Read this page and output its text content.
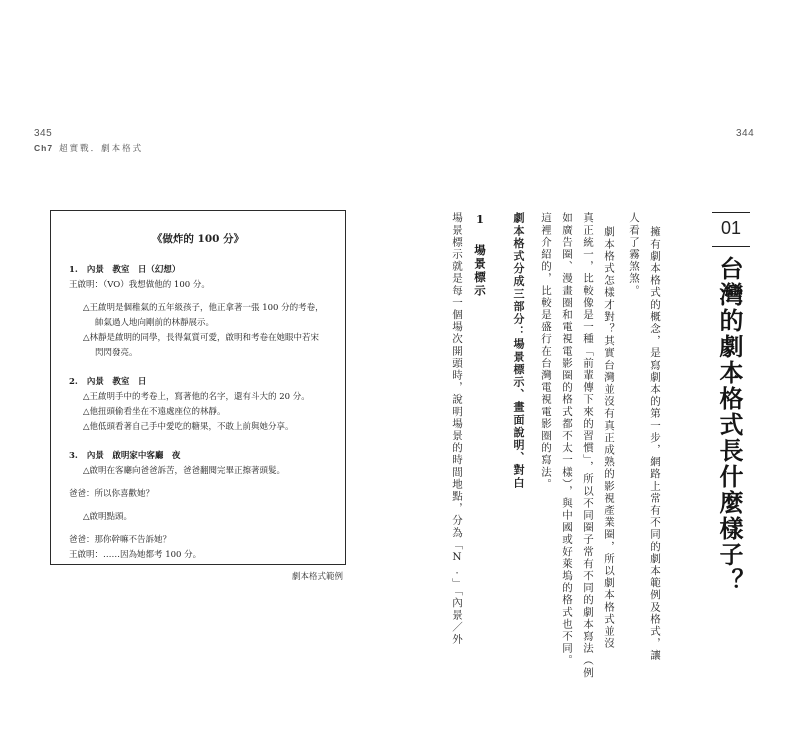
345
Ch7 超實戰．劇本格式
《做炸的 100 分》
1. 內景　教室　日（幻想）
王啟明：（VO）我想做他的 100 分。
△王啟明是個稚氣的五年級孩子，他正拿著一張 100 分的考卷，
帥氣過人地向剛前的林靜展示。
△林靜是啟明的同學，長得氣質可愛，啟明和考卷在她眼中若宋
閃閃發亮。
2. 內景　教室　日
△王啟明手中的考卷上，寫著他的名字，還有斗大的 20 分。
△他扭頭偷看坐在不遠處座位的林靜。
△他低頭看著自己手中愛吃的糖果，不敢上前與她分享。
3. 內景　啟明家中客廳　夜
△啟明在客廳向爸爸訴苦，爸爸翻閱完畢正擦著頭髮。
爸爸：所以你喜歡她？
△啟明點頭。
爸爸：那你幹嘛不告訴她？
王啟明：……因為她都考 100 分。
劇本格式範例	場景標示就是每一個場次開頭時，說明場景的時間地點，分為「N.」「內景／外 1 場景標示 劇本格式分成三部分：場景標示、畫面說明、對白 這裡介紹的，比較是盛行在台灣電視電影圈的寫法。 如廣告圈、漫畫圈和電視電影圈的格式都不太一樣），與中國或好萊塢的格式也不同。 真正統一，比較像是一種「前輩傳下來的習慣」，所以不同圈子常有不同的劇本寫法（例 劇本格式怎樣才對？其實台灣並沒有真正成熟的影視產業圈，所以劇本格式並沒 人看了霧煞煞。 擁有劇本格式的概念，是寫劇本的第一步，網路上常有不同的劇本範例及格式，讓	01
台灣的劇本格式長什麼樣子？
344
